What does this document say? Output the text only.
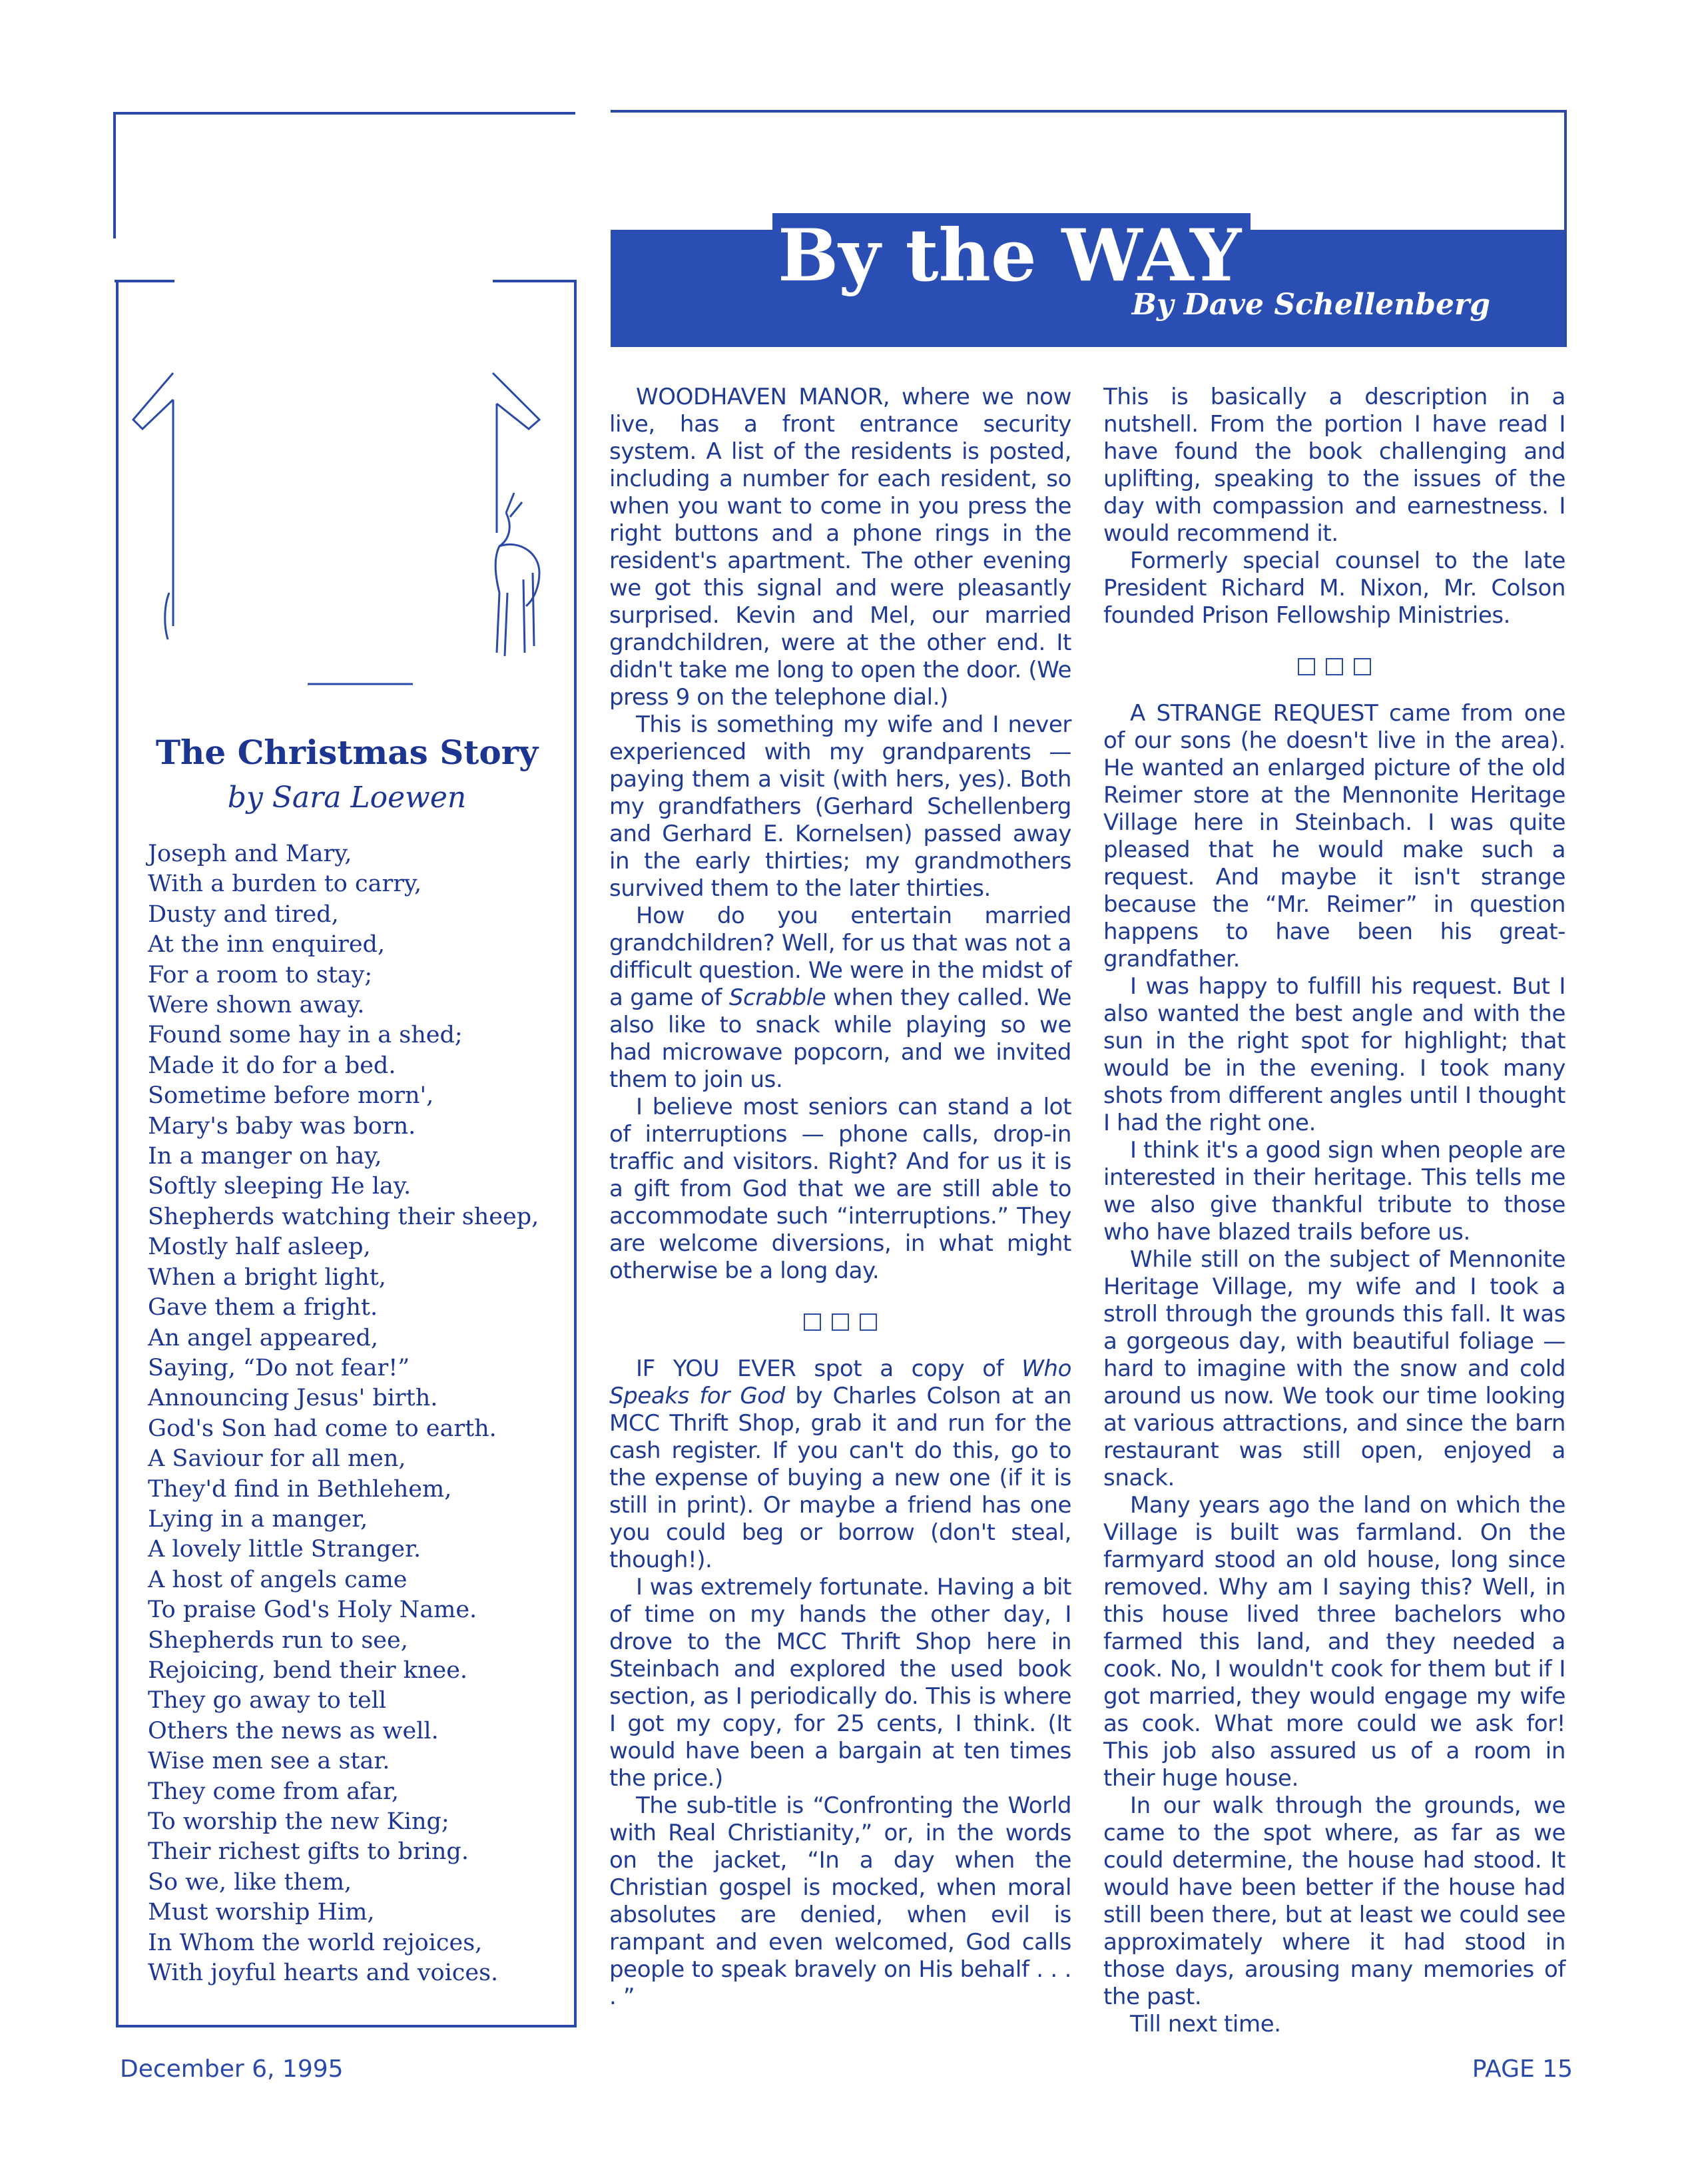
By the WAY
By Dave Schellenberg
The Christmas Story
by Sara Loewen
Joseph and Mary,
With a burden to carry,
Dusty and tired,
At the inn enquired,
For a room to stay;
Were shown away.
Found some hay in a shed;
Made it do for a bed.
Sometime before morn',
Mary's baby was born.
In a manger on hay,
Softly sleeping He lay.
Shepherds watching their sheep,
Mostly half asleep,
When a bright light,
Gave them a fright.
An angel appeared,
Saying, “Do not fear!”
Announcing Jesus' birth.
God's Son had come to earth.
A Saviour for all men,
They'd find in Bethlehem,
Lying in a manger,
A lovely little Stranger.
A host of angels came
To praise God's Holy Name.
Shepherds run to see,
Rejoicing, bend their knee.
They go away to tell
Others the news as well.
Wise men see a star.
They come from afar,
To worship the new King;
Their richest gifts to bring.
So we, like them,
Must worship Him,
In Whom the world rejoices,
With joyful hearts and voices.

WOODHAVEN MANOR, where we now live, has a front entrance security system. A list of the residents is posted, including a number for each resident, so when you want to come in you press the right buttons and a phone rings in the resident's apartment. The other evening we got this signal and were pleasantly surprised. Kevin and Mel, our married grandchildren, were at the other end. It didn't take me long to open the door. (We press 9 on the telephone dial.)

This is something my wife and I never experienced with my grandparents — paying them a visit (with hers, yes). Both my grandfathers (Gerhard Schellenberg and Gerhard E. Kornelsen) passed away in the early thirties; my grandmothers survived them to the later thirties.

How do you entertain married grandchildren? Well, for us that was not a difficult question. We were in the midst of a game of Scrabble when they called. We also like to snack while playing so we had microwave popcorn, and we invited them to join us.

I believe most seniors can stand a lot of interruptions — phone calls, drop-in traffic and visitors. Right? And for us it is a gift from God that we are still able to accommodate such “interruptions.” They are welcome diversions, in what might otherwise be a long day.

IF YOU EVER spot a copy of Who Speaks for God by Charles Colson at an MCC Thrift Shop, grab it and run for the cash register. If you can't do this, go to the expense of buying a new one (if it is still in print). Or maybe a friend has one you could beg or borrow (don't steal, though!).

I was extremely fortunate. Having a bit of time on my hands the other day, I drove to the MCC Thrift Shop here in Steinbach and explored the used book section, as I periodically do. This is where I got my copy, for 25 cents, I think. (It would have been a bargain at ten times the price.)

The sub-title is “Confronting the World with Real Christianity,” or, in the words on the jacket, “In a day when the Christian gospel is mocked, when moral absolutes are denied, when evil is rampant and even welcomed, God calls people to speak bravely on His behalf . . . . ”

This is basically a description in a nutshell. From the portion I have read I have found the book challenging and uplifting, speaking to the issues of the day with compassion and earnestness. I would recommend it.

Formerly special counsel to the late President Richard M. Nixon, Mr. Colson founded Prison Fellowship Ministries.

A STRANGE REQUEST came from one of our sons (he doesn't live in the area). He wanted an enlarged picture of the old Reimer store at the Mennonite Heritage Village here in Steinbach. I was quite pleased that he would make such a request. And maybe it isn't strange because the “Mr. Reimer” in question happens to have been his great-grandfather.

I was happy to fulfill his request. But I also wanted the best angle and with the sun in the right spot for highlight; that would be in the evening. I took many shots from different angles until I thought I had the right one.

I think it's a good sign when people are interested in their heritage. This tells me we also give thankful tribute to those who have blazed trails before us.

While still on the subject of Mennonite Heritage Village, my wife and I took a stroll through the grounds this fall. It was a gorgeous day, with beautiful foliage — hard to imagine with the snow and cold around us now. We took our time looking at various attractions, and since the barn restaurant was still open, enjoyed a snack.

Many years ago the land on which the Village is built was farmland. On the farmyard stood an old house, long since removed. Why am I saying this? Well, in this house lived three bachelors who farmed this land, and they needed a cook. No, I wouldn't cook for them but if I got married, they would engage my wife as cook. What more could we ask for! This job also assured us of a room in their huge house.

In our walk through the grounds, we came to the spot where, as far as we could determine, the house had stood. It would have been better if the house had still been there, but at least we could see approximately where it had stood in those days, arousing many memories of the past.

Till next time.

December 6, 1995	PAGE 15
